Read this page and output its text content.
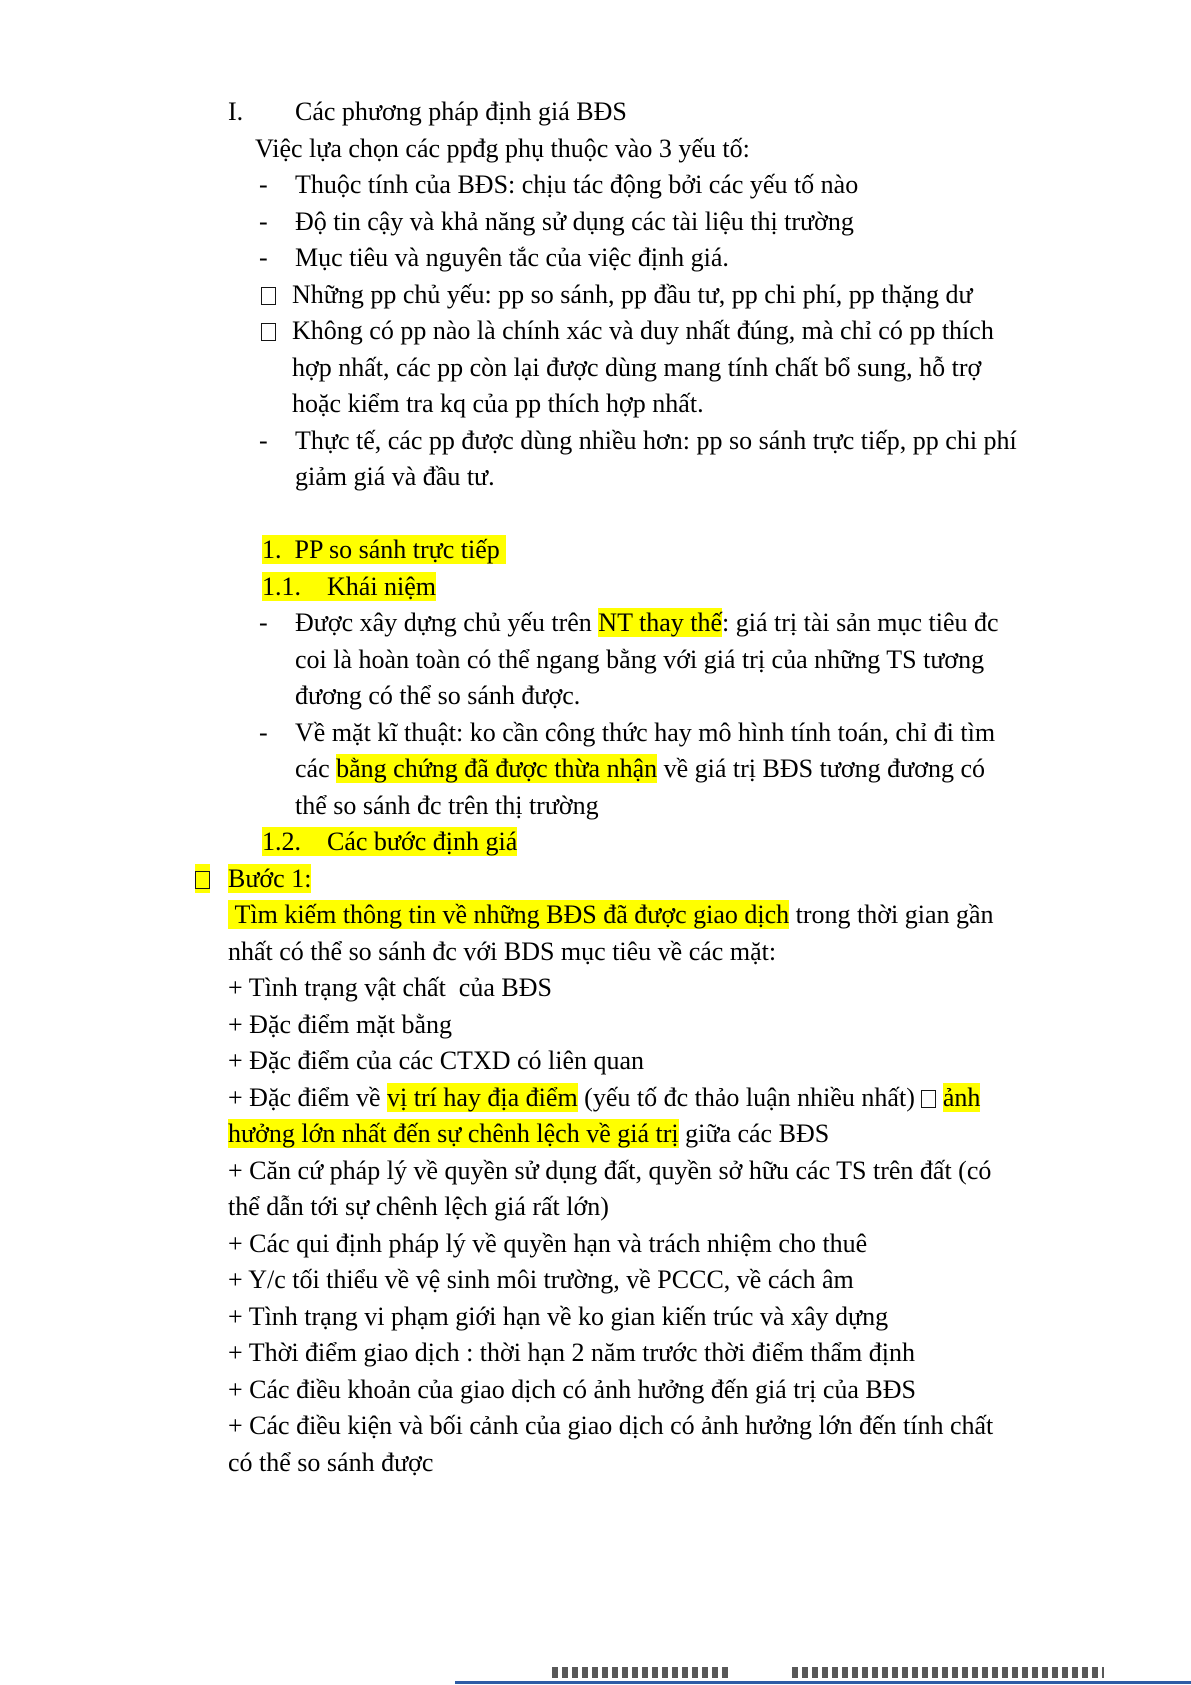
I. Các phương pháp định giá BĐS
Việc lựa chọn các ppđg phụ thuộc vào 3 yếu tố:
- Thuộc tính của BĐS: chịu tác động bởi các yếu tố nào
- Độ tin cậy và khả năng sử dụng các tài liệu thị trường
- Mục tiêu và nguyên tắc của việc định giá.
Những pp chủ yếu: pp so sánh, pp đầu tư, pp chi phí, pp thặng dư
Không có pp nào là chính xác và duy nhất đúng, mà chỉ có pp thích hợp nhất, các pp còn lại được dùng mang tính chất bổ sung, hỗ trợ hoặc kiểm tra kq của pp thích hợp nhất.
- Thực tế, các pp được dùng nhiều hơn: pp so sánh trực tiếp, pp chi phí giảm giá và đầu tư.
1.  PP so sánh trực tiếp
1.1.    Khái niệm
- Được xây dựng chủ yếu trên NT thay thế: giá trị tài sản mục tiêu đc coi là hoàn toàn có thể ngang bằng với giá trị của những TS tương đương có thể so sánh được.
- Về mặt kĩ thuật: ko cần công thức hay mô hình tính toán, chỉ đi tìm các bằng chứng đã được thừa nhận về giá trị BĐS tương đương có thể so sánh đc trên thị trường
1.2.    Các bước định giá
Bước 1:
Tìm kiếm thông tin về những BĐS đã được giao dịch trong thời gian gần nhất có thể so sánh đc với BDS mục tiêu về các mặt:
+ Tình trạng vật chất  của BĐS
+ Đặc điểm mặt bằng
+ Đặc điểm của các CTXD có liên quan
+ Đặc điểm về vị trí hay địa điểm (yếu tố đc thảo luận nhiều nhất)  ảnh hưởng lớn nhất đến sự chênh lệch về giá trị giữa các BĐS
+ Căn cứ pháp lý về quyền sử dụng đất, quyền sở hữu các TS trên đất (có thể dẫn tới sự chênh lệch giá rất lớn)
+ Các qui định pháp lý về quyền hạn và trách nhiệm cho thuê
+ Y/c tối thiểu về vệ sinh môi trường, về PCCC, về cách âm
+ Tình trạng vi phạm giới hạn về ko gian kiến trúc và xây dựng
+ Thời điểm giao dịch : thời hạn 2 năm trước thời điểm thẩm định
+ Các điều khoản của giao dịch có ảnh hưởng đến giá trị của BĐS
+ Các điều kiện và bối cảnh của giao dịch có ảnh hưởng lớn đến tính chất có thể so sánh được
